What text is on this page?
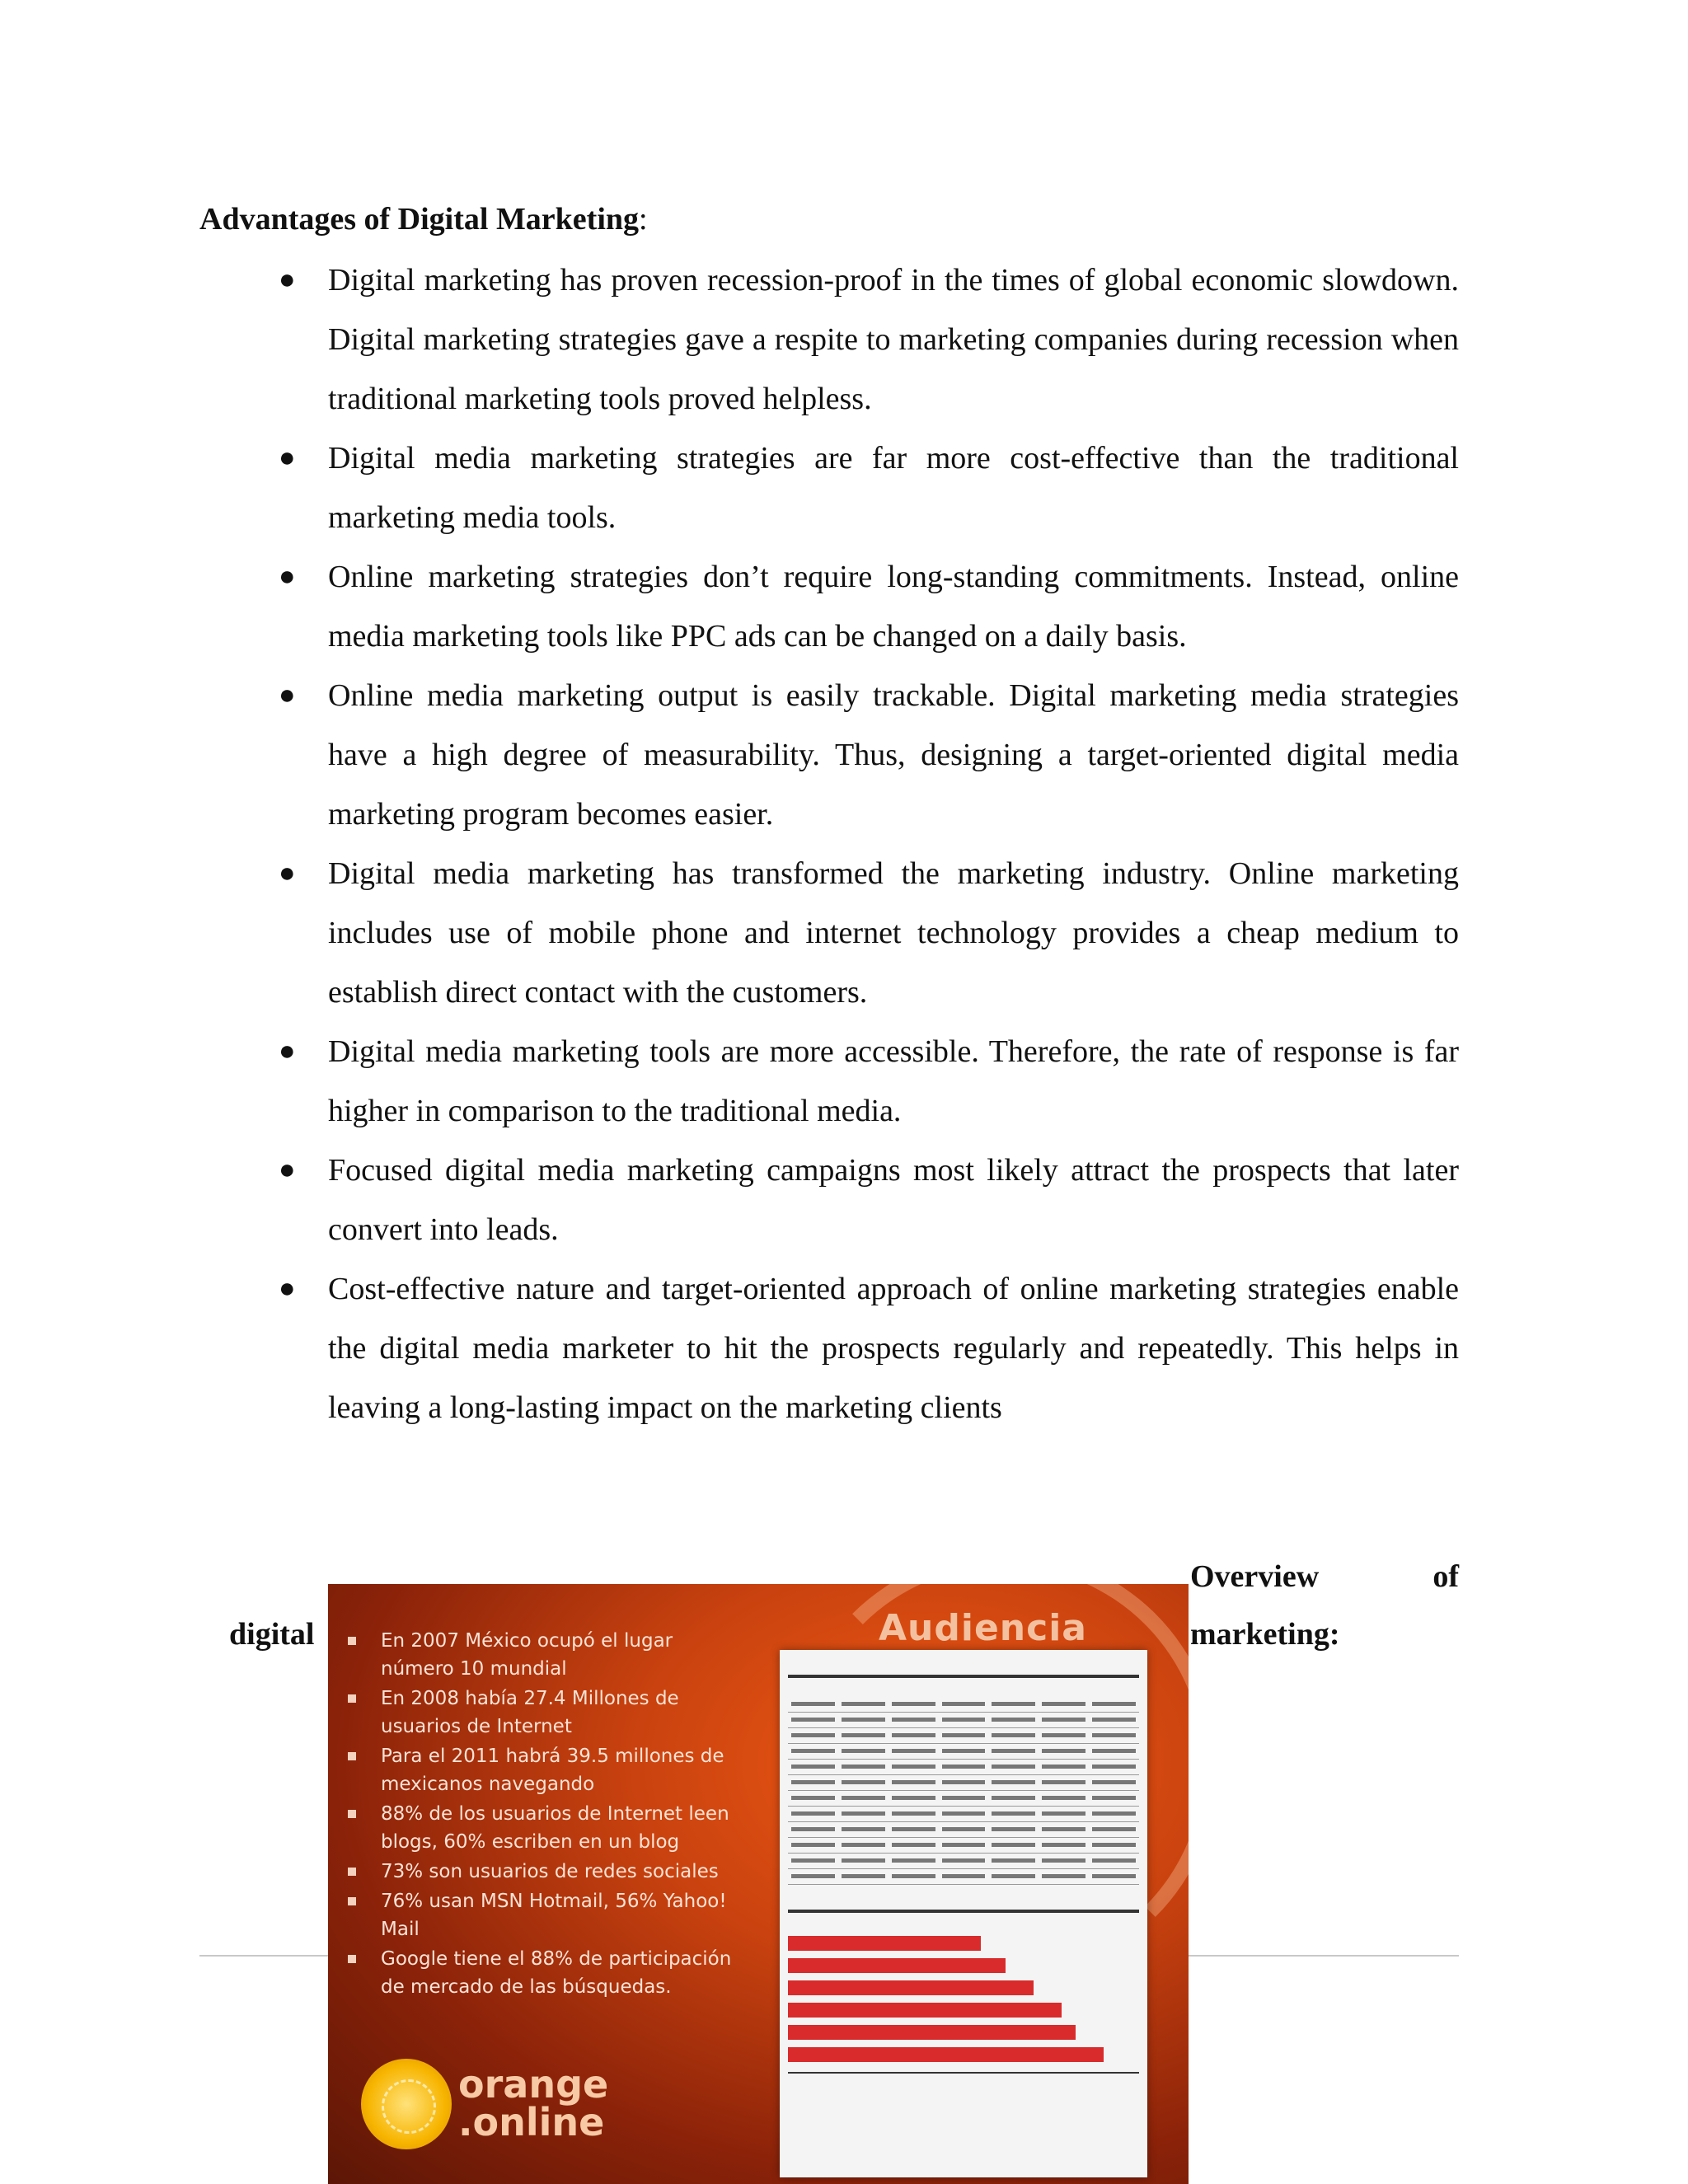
Advantages of Digital Marketing:
● Digital marketing has proven recession-proof in the times of global economic slowdown. Digital marketing strategies gave a respite to marketing companies during recession when traditional marketing tools proved helpless.
● Digital media marketing strategies are far more cost-effective than the traditional marketing media tools.
● Online marketing strategies don’t require long-standing commitments. Instead, online media marketing tools like PPC ads can be changed on a daily basis.
● Online media marketing output is easily trackable. Digital marketing media strategies have a high degree of measurability. Thus, designing a target-oriented digital media marketing program becomes easier.
● Digital media marketing has transformed the marketing industry. Online marketing includes use of mobile phone and internet technology provides a cheap medium to establish direct contact with the customers.
● Digital media marketing tools are more accessible. Therefore, the rate of response is far higher in comparison to the traditional media.
● Focused digital media marketing campaigns most likely attract the prospects that later convert into leads.
● Cost-effective nature and target-oriented approach of online marketing strategies enable the digital media marketer to hit the prospects regularly and repeatedly. This helps in leaving a long-lasting impact on the marketing clients
Overview	of
marketing:
digital	Audiencia
En 2007 México ocupó el lugar número 10 mundial
En 2008 había 27.4 Millones de usuarios de Internet
Para el 2011 habrá 39.5 millones de mexicanos navegando
88% de los usuarios de Internet leen blogs, 60% escriben en un blog
73% son usuarios de redes sociales
76% usan MSN Hotmail, 56% Yahoo! Mail
Google tiene el 88% de participación de mercado de las búsquedas.
orange
.online
